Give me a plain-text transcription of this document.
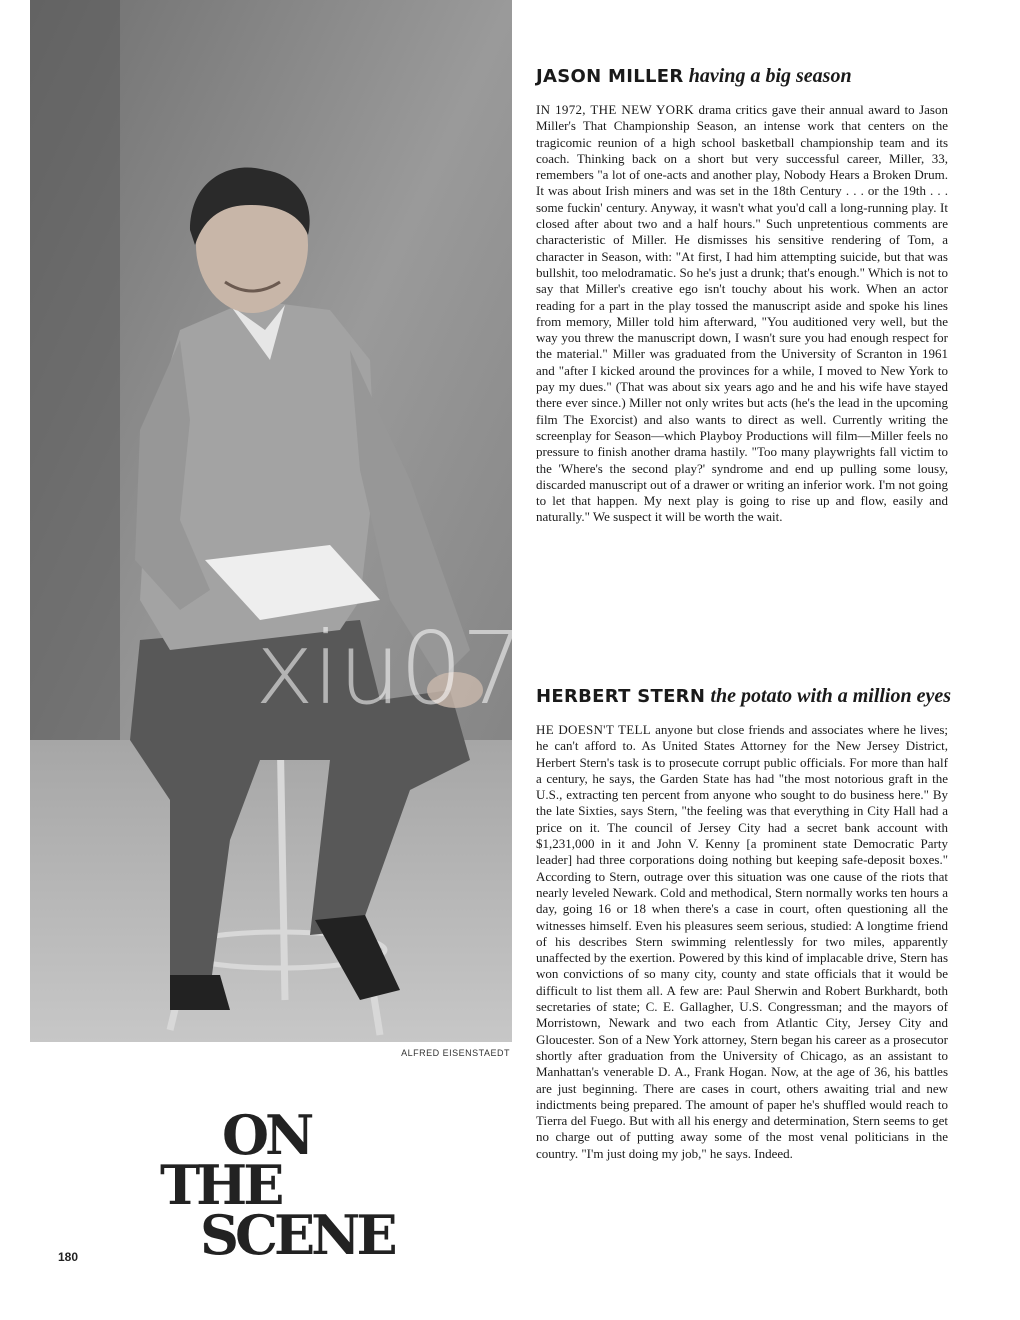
ALFRED EISENSTAEDT
xiu07
JASON MILLER having a big season

IN 1972, THE NEW YORK drama critics gave their annual award to Jason Miller's That Championship Season, an intense work that centers on the tragicomic reunion of a high school basketball championship team and its coach. Thinking back on a short but very successful career, Miller, 33, remembers "a lot of one-acts and another play, Nobody Hears a Broken Drum. It was about Irish miners and was set in the 18th Century . . . or the 19th . . . some fuckin' century. Anyway, it wasn't what you'd call a long-running play. It closed after about two and a half hours." Such unpretentious comments are characteristic of Miller. He dismisses his sensitive rendering of Tom, a character in Season, with: "At first, I had him attempting suicide, but that was bullshit, too melodramatic. So he's just a drunk; that's enough." Which is not to say that Miller's creative ego isn't touchy about his work. When an actor reading for a part in the play tossed the manuscript aside and spoke his lines from memory, Miller told him afterward, "You auditioned very well, but the way you threw the manuscript down, I wasn't sure you had enough respect for the material." Miller was graduated from the University of Scranton in 1961 and "after I kicked around the provinces for a while, I moved to New York to pay my dues." (That was about six years ago and he and his wife have stayed there ever since.) Miller not only writes but acts (he's the lead in the upcoming film The Exorcist) and also wants to direct as well. Currently writing the screenplay for Season—which Playboy Productions will film—Miller feels no pressure to finish another drama hastily. "Too many playwrights fall victim to the 'Where's the second play?' syndrome and end up pulling some lousy, discarded manuscript out of a drawer or writing an inferior work. I'm not going to let that happen. My next play is going to rise up and flow, easily and naturally." We suspect it will be worth the wait.

HERBERT STERN the potato with a million eyes

HE DOESN'T TELL anyone but close friends and associates where he lives; he can't afford to. As United States Attorney for the New Jersey District, Herbert Stern's task is to prosecute corrupt public officials. For more than half a century, he says, the Garden State has had "the most notorious graft in the U.S., extracting ten percent from anyone who sought to do business here." By the late Sixties, says Stern, "the feeling was that everything in City Hall had a price on it. The council of Jersey City had a secret bank account with $1,231,000 in it and John V. Kenny [a prominent state Democratic Party leader] had three corporations doing nothing but keeping safe-deposit boxes." According to Stern, outrage over this situation was one cause of the riots that nearly leveled Newark. Cold and methodical, Stern normally works ten hours a day, going 16 or 18 when there's a case in court, often questioning all the witnesses himself. Even his pleasures seem serious, studied: A longtime friend of his describes Stern swimming relentlessly for two miles, apparently unaffected by the exertion. Powered by this kind of implacable drive, Stern has won convictions of so many city, county and state officials that it would be difficult to list them all. A few are: Paul Sherwin and Robert Burkhardt, both secretaries of state; C. E. Gallagher, U.S. Congressman; and the mayors of Morristown, Newark and two each from Atlantic City, Jersey City and Gloucester. Son of a New York attorney, Stern began his career as a prosecutor shortly after graduation from the University of Chicago, as an assistant to Manhattan's venerable D. A., Frank Hogan. Now, at the age of 36, his battles are just beginning. There are cases in court, others awaiting trial and new indictments being prepared. The amount of paper he's shuffled would reach to Tierra del Fuego. But with all his energy and determination, Stern seems to get no charge out of putting away some of the most venal politicians in the country. "I'm just doing my job," he says. Indeed.

ON
THE
SCENE
180
